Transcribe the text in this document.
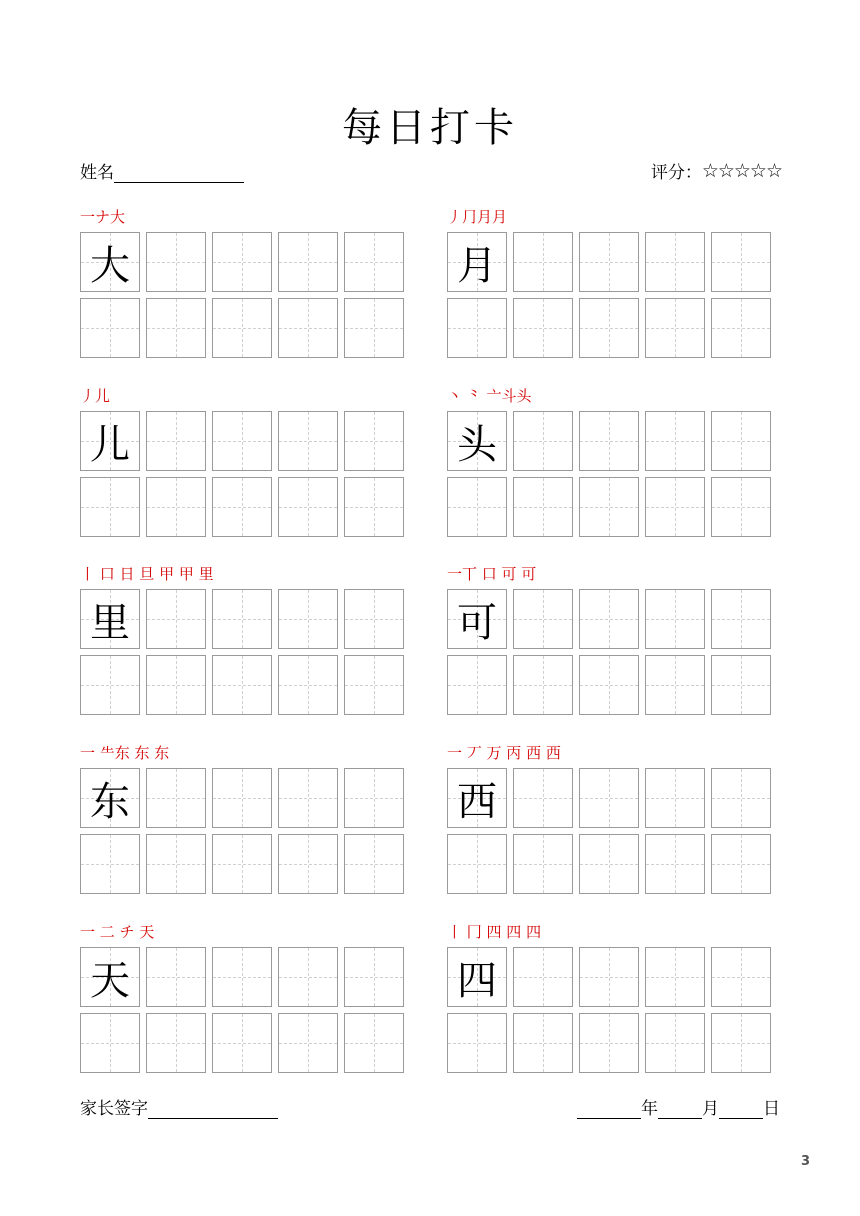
每日打卡
姓名	评分： ☆☆☆☆☆
一ナ大
大
丿⺆月月
月
丿儿
儿
丶 ⺀ 亠斗头
头
丨 口 日 旦 甲 甲 里
里
一丅 口 可 可
可
一 ⺧东 东 东
东
一 丆 万 丙 西 西
西
一 二 チ 天
天
丨 冂 四 四 四
四
家长签字	年	月	日
3
